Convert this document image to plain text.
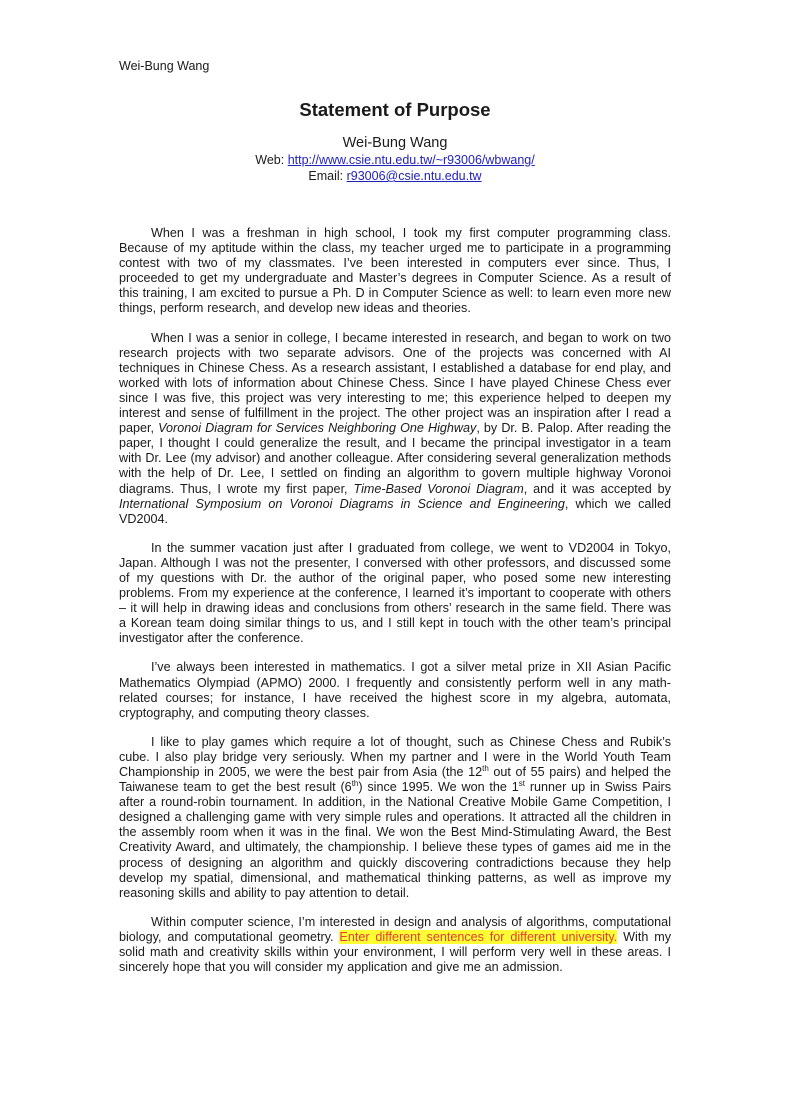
Wei-Bung Wang
Statement of Purpose
Wei-Bung Wang
Web: http://www.csie.ntu.edu.tw/~r93006/wbwang/
Email: r93006@csie.ntu.edu.tw

When I was a freshman in high school, I took my first computer programming class. Because of my aptitude within the class, my teacher urged me to participate in a programming contest with two of my classmates. I’ve been interested in computers ever since. Thus, I proceeded to get my undergraduate and Master’s degrees in Computer Science. As a result of this training, I am excited to pursue a Ph. D in Computer Science as well: to learn even more new things, perform research, and develop new ideas and theories.

When I was a senior in college, I became interested in research, and began to work on two research projects with two separate advisors. One of the projects was concerned with AI techniques in Chinese Chess. As a research assistant, I established a database for end play, and worked with lots of information about Chinese Chess. Since I have played Chinese Chess ever since I was five, this project was very interesting to me; this experience helped to deepen my interest and sense of fulfillment in the project. The other project was an inspiration after I read a paper, Voronoi Diagram for Services Neighboring One Highway, by Dr. B. Palop. After reading the paper, I thought I could generalize the result, and I became the principal investigator in a team with Dr. Lee (my advisor) and another colleague. After considering several generalization methods with the help of Dr. Lee, I settled on finding an algorithm to govern multiple highway Voronoi diagrams. Thus, I wrote my first paper, Time-Based Voronoi Diagram, and it was accepted by International Symposium on Voronoi Diagrams in Science and Engineering, which we called VD2004.

In the summer vacation just after I graduated from college, we went to VD2004 in Tokyo, Japan. Although I was not the presenter, I conversed with other professors, and discussed some of my questions with Dr. the author of the original paper, who posed some new interesting problems. From my experience at the conference, I learned it’s important to cooperate with others – it will help in drawing ideas and conclusions from others’ research in the same field. There was a Korean team doing similar things to us, and I still kept in touch with the other team’s principal investigator after the conference.

I’ve always been interested in mathematics. I got a silver metal prize in XII Asian Pacific Mathematics Olympiad (APMO) 2000. I frequently and consistently perform well in any math-related courses; for instance, I have received the highest score in my algebra, automata, cryptography, and computing theory classes.

I like to play games which require a lot of thought, such as Chinese Chess and Rubik’s cube. I also play bridge very seriously. When my partner and I were in the World Youth Team Championship in 2005, we were the best pair from Asia (the 12th out of 55 pairs) and helped the Taiwanese team to get the best result (6th) since 1995. We won the 1st runner up in Swiss Pairs after a round-robin tournament. In addition, in the National Creative Mobile Game Competition, I designed a challenging game with very simple rules and operations. It attracted all the children in the assembly room when it was in the final. We won the Best Mind-Stimulating Award, the Best Creativity Award, and ultimately, the championship. I believe these types of games aid me in the process of designing an algorithm and quickly discovering contradictions because they help develop my spatial, dimensional, and mathematical thinking patterns, as well as improve my reasoning skills and ability to pay attention to detail.

Within computer science, I’m interested in design and analysis of algorithms, computational biology, and computational geometry. Enter different sentences for different university. With my solid math and creativity skills within your environment, I will perform very well in these areas. I sincerely hope that you will consider my application and give me an admission.
